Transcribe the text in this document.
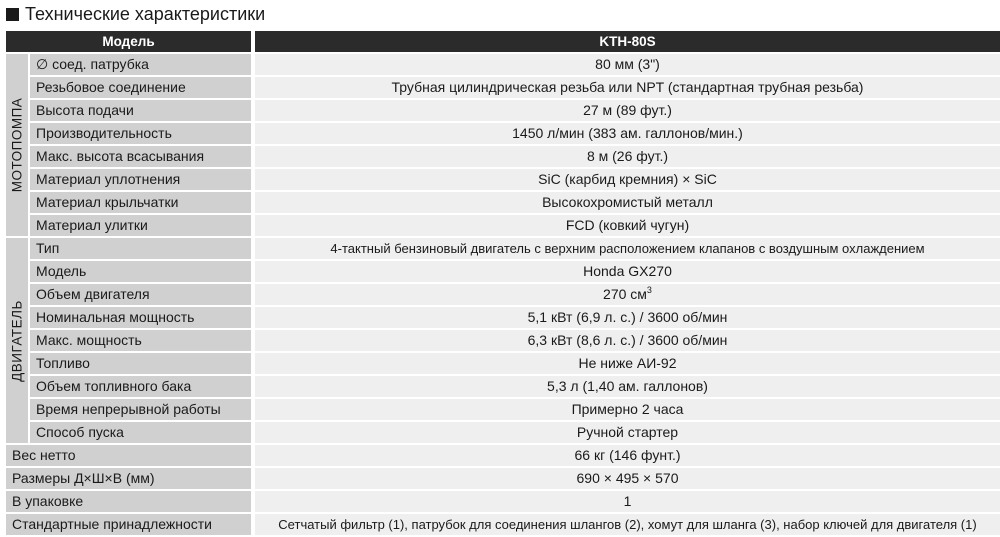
Технические характеристики
Модель			KTH-80S

МОТОПОМПА	∅ соед. патрубка		80 мм (3")
	Резьбовое соединение		Трубная цилиндрическая резьба или NPT (стандартная трубная резьба)
	Высота подачи		27 м (89 фут.)
	Производительность		1450 л/мин (383 ам. галлонов/мин.)
	Макс. высота всасывания		8 м (26 фут.)
	Материал уплотнения		SiC (карбид кремния) × SiC
	Материал крыльчатки		Высокохромистый металл
	Материал улитки		FCD (ковкий чугун)

ДВИГАТЕЛЬ	Тип		4-тактный бензиновый двигатель с верхним расположением клапанов с воздушным охлаждением
	Модель		Honda GX270
	Объем двигателя		270 $см^3$
	Номинальная мощность		5,1 кВт (6,9 л. с.) / 3600 об/мин
	Макс. мощность		6,3 кВт (8,6 л. с.) / 3600 об/мин
	Топливо		Не ниже АИ-92
	Объем топливного бака		5,3 л (1,40 ам. галлонов)
	Время непрерывной работы		Примерно 2 часа
	Способ пуска		Ручной стартер
Вес нетто			66 кг (146 фунт.)
Размеры Д×Ш×В (мм)			690 × 495 × 570
В упаковке			1
Стандартные принадлежности			Сетчатый фильтр (1), патрубок для соединения шлангов (2), хомут для шланга (3), набор ключей для двигателя (1)
